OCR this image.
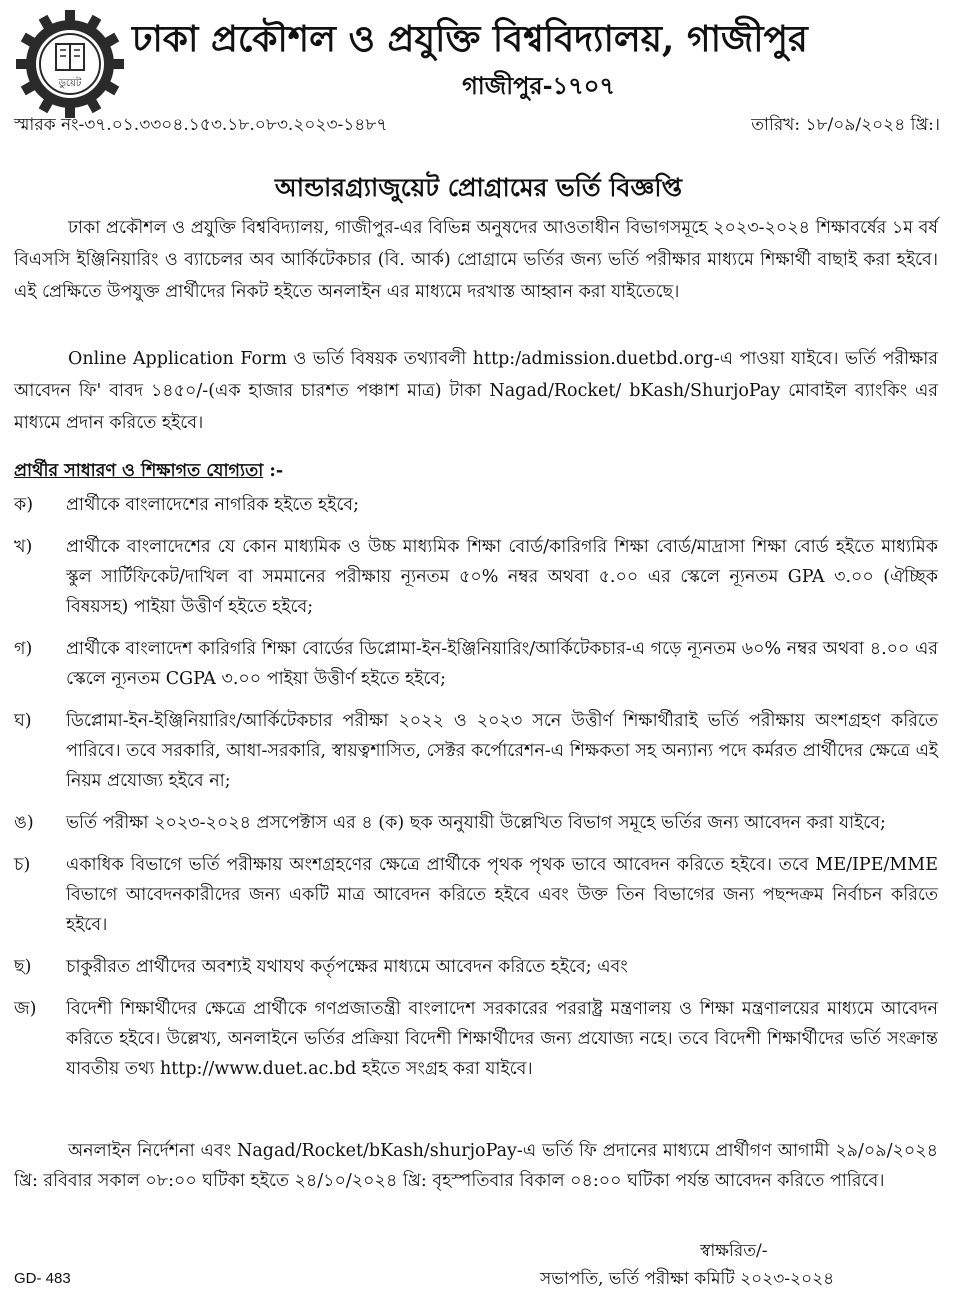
ডুয়েট
ঢাকা প্রকৌশল ও প্রযুক্তি বিশ্ববিদ্যালয়, গাজীপুর
গাজীপুর-১৭০৭
স্মারক নং-৩৭.০১.৩৩০৪.১৫৩.১৮.০৮৩.২০২৩-১৪৮৭	তারিখ: ১৮/০৯/২০২৪ খ্রি:।
আন্ডারগ্র্যাজুয়েট প্রোগ্রামের ভর্তি বিজ্ঞপ্তি

ঢাকা প্রকৌশল ও প্রযুক্তি বিশ্ববিদ্যালয়, গাজীপুর-এর বিভিন্ন অনুষদের আওতাধীন বিভাগসমূহে ২০২৩-২০২৪ শিক্ষাবর্ষের ১ম বর্ষ বিএসসি ইঞ্জিনিয়ারিং ও ব্যাচেলর অব আর্কিটেকচার (বি. আর্ক) প্রোগ্রামে ভর্তির জন্য ভর্তি পরীক্ষার মাধ্যমে শিক্ষার্থী বাছাই করা হইবে। এই প্রেক্ষিতে উপযুক্ত প্রার্থীদের নিকট হইতে অনলাইন এর মাধ্যমে দরখাস্ত আহ্বান করা যাইতেছে।

Online Application Form ও ভর্তি বিষয়ক তথ্যাবলী http:/admission.duetbd.org-এ পাওয়া যাইবে। ভর্তি পরীক্ষার আবেদন ফি' বাবদ ১৪৫০/-(এক হাজার চারশত পঞ্চাশ মাত্র) টাকা Nagad/Rocket/ bKash/ShurjoPay মোবাইল ব্যাংকিং এর মাধ্যমে প্রদান করিতে হইবে।

প্রার্থীর সাধারণ ও শিক্ষাগত যোগ্যতা :-
ক)	প্রার্থীকে বাংলাদেশের নাগরিক হইতে হইবে;
খ)	প্রার্থীকে বাংলাদেশের যে কোন মাধ্যমিক ও উচ্চ মাধ্যমিক শিক্ষা বোর্ড/কারিগরি শিক্ষা বোর্ড/মাদ্রাসা শিক্ষা বোর্ড হইতে মাধ্যমিক স্কুল সার্টিফিকেট/দাখিল বা সমমানের পরীক্ষায় ন্যূনতম ৫০% নম্বর অথবা ৫.০০ এর স্কেলে ন্যূনতম GPA ৩.০০ (ঐচ্ছিক বিষয়সহ) পাইয়া উত্তীর্ণ হইতে হইবে;
গ)	প্রার্থীকে বাংলাদেশ কারিগরি শিক্ষা বোর্ডের ডিপ্লোমা-ইন-ইঞ্জিনিয়ারিং/আর্কিটেকচার-এ গড়ে ন্যূনতম ৬০% নম্বর অথবা ৪.০০ এর স্কেলে ন্যূনতম CGPA ৩.০০ পাইয়া উত্তীর্ণ হইতে হইবে;
ঘ)	ডিপ্লোমা-ইন-ইঞ্জিনিয়ারিং/আর্কিটেকচার পরীক্ষা ২০২২ ও ২০২৩ সনে উত্তীর্ণ শিক্ষার্থীরাই ভর্তি পরীক্ষায় অংশগ্রহণ করিতে পারিবে। তবে সরকারি, আধা-সরকারি, স্বায়ত্বশাসিত, সেক্টর কর্পোরেশন-এ শিক্ষকতা সহ অন্যান্য পদে কর্মরত প্রার্থীদের ক্ষেত্রে এই নিয়ম প্রযোজ্য হইবে না;
ঙ)	ভর্তি পরীক্ষা ২০২৩-২০২৪ প্রসপেক্টাস এর ৪ (ক) ছক অনুযায়ী উল্লেখিত বিভাগ সমূহে ভর্তির জন্য আবেদন করা যাইবে;
চ)	একাধিক বিভাগে ভর্তি পরীক্ষায় অংশগ্রহণের ক্ষেত্রে প্রার্থীকে পৃথক পৃথক ভাবে আবেদন করিতে হইবে। তবে ME/IPE/MME বিভাগে আবেদনকারীদের জন্য একটি মাত্র আবেদন করিতে হইবে এবং উক্ত তিন বিভাগের জন্য পছন্দক্রম নির্বাচন করিতে হইবে।
ছ)	চাকুরীরত প্রার্থীদের অবশ্যই যথাযথ কর্তৃপক্ষের মাধ্যমে আবেদন করিতে হইবে; এবং
জ)	বিদেশী শিক্ষার্থীদের ক্ষেত্রে প্রার্থীকে গণপ্রজাতন্ত্রী বাংলাদেশ সরকারের পররাষ্ট্র মন্ত্রণালয় ও শিক্ষা মন্ত্রণালয়ের মাধ্যমে আবেদন করিতে হইবে। উল্লেখ্য, অনলাইনে ভর্তির প্রক্রিয়া বিদেশী শিক্ষার্থীদের জন্য প্রযোজ্য নহে। তবে বিদেশী শিক্ষার্থীদের ভর্তি সংক্রান্ত যাবতীয় তথ্য http://www.duet.ac.bd হইতে সংগ্রহ করা যাইবে।

অনলাইন নির্দেশনা এবং Nagad/Rocket/bKash/shurjoPay-এ ভর্তি ফি প্রদানের মাধ্যমে প্রার্থীগণ আগামী ২৯/০৯/২০২৪ খ্রি: রবিবার সকাল ০৮:০০ ঘটিকা হইতে ২৪/১০/২০২৪ খ্রি: বৃহস্পতিবার বিকাল ০৪:০০ ঘটিকা পর্যন্ত আবেদন করিতে পারিবে।

স্বাক্ষরিত/-
সভাপতি, ভর্তি পরীক্ষা কমিটি ২০২৩-২০২৪
GD- 483
